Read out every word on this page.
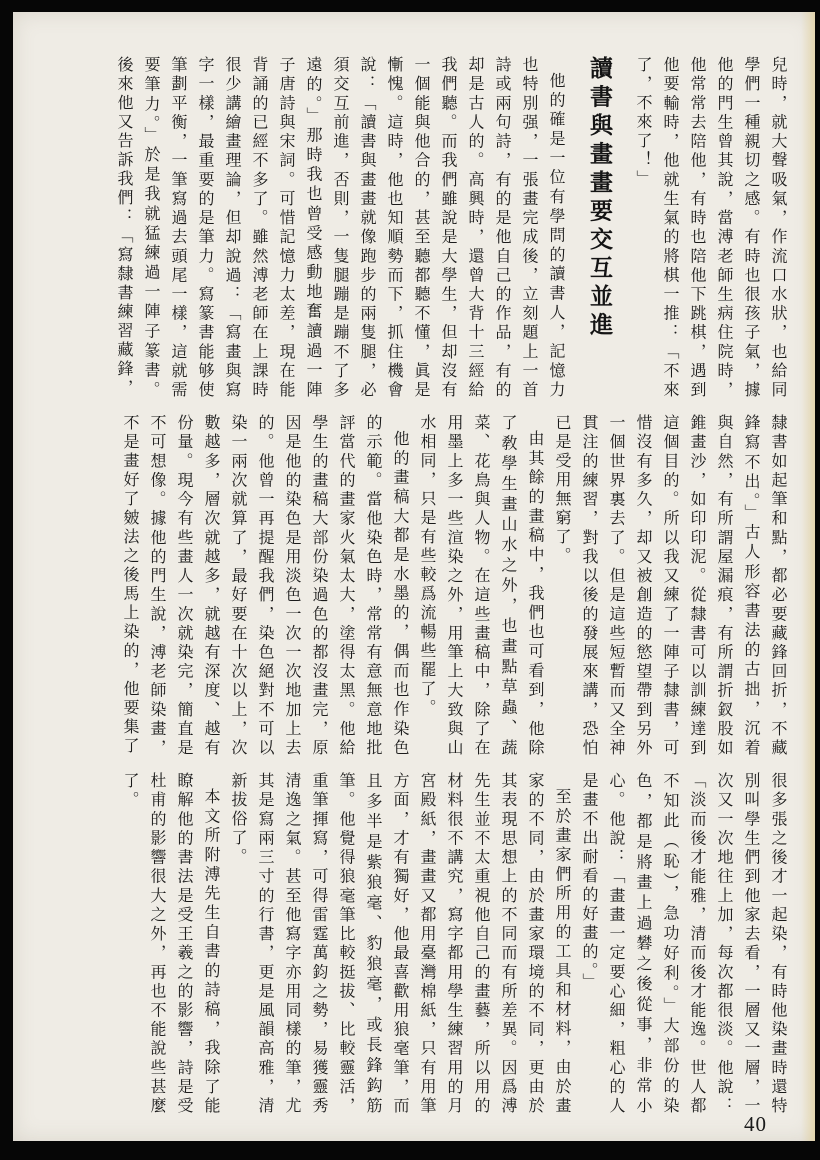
兒時，就大聲吸氣，作流口水狀，也給同學們一種親切之感。有時也很孩子氣，據他的門生曾其說，當溥老師生病住院時，他常常去陪他，有時也陪他下跳棋，遇到他要輸時，他就生氣的將棋一推：「不來了，不來了！」

讀書與畫畫要交互並進

他的確是一位有學問的讀書人，記憶力也特別强，一張畫完成後，立刻題上一首詩或兩句詩，有的是他自己的作品，有的却是古人的。高興時，還曾大背十三經給我們聽。而我們雖說是大學生，但却沒有一個能與他合的，甚至聽都聽不懂，眞是慚愧。這時，他也知順勢而下，抓住機會說：「讀書與畫畫就像跑步的兩隻腿，必須交互前進，否則，一隻腿蹦是蹦不了多遠的。」那時我也曾受感動地奮讀過一陣子唐詩與宋詞。可惜記憶力太差，現在能背誦的已經不多了。雖然溥老師在上課時很少講繪畫理論，但却說過：「寫畫與寫字一樣，最重要的是筆力。寫篆書能够使筆劃平衡，一筆寫過去頭尾一樣，這就需要筆力。」於是我就猛練過一陣子篆書。後來他又告訴我們：「寫隸書練習藏鋒，

隸書如起筆和點，都必要藏鋒回折，不藏鋒寫不出。」古人形容書法的古拙，沉着與自然，有所謂屋漏痕，有所謂折釵股如錐畫沙，如印印泥。從隸書可以訓練達到這個目的。所以我又練了一陣子隸書，可惜沒有多久，却又被創造的慾望帶到另外一個世界裏去了。但是這些短暫而又全神貫注的練習，對我以後的發展來講，恐怕已是受用無窮了。

由其餘的畫稿中，我們也可看到，他除了敎學生畫山水之外，也畫點草蟲、蔬菜、花鳥與人物。在這些畫稿中，除了在用墨上多一些渲染之外，用筆上大致與山水相同，只是有些較爲流暢些罷了。

他的畫稿大都是水墨的，偶而也作染色的示範。當他染色時，常常有意無意地批評當代的畫家火氣太大，塗得太黑。他給學生的畫稿大部份染過色的都沒畫完，原因是他的染色是用淡色一次一次地加上去的。他曾一再提醒我們，染色絕對不可以染一兩次就算了，最好要在十次以上，次數越多，層次就越多，就越有深度、越有份量。現今有些畫人一次就染完，簡直是不可想像。據他的門生說，溥老師染畫，不是畫好了皴法之後馬上染的，他要集了

很多張之後才一起染，有時他染畫時還特別叫學生們到他家去看，一層又一層，一次又一次地往上加，每次都很淡。他說：「淡而後才能雅，清而後才能逸。世人都不知此（恥），急功好利。」大部份的染色，都是將畫上過礬之後從事，非常小心。他說：「畫畫一定要心細，粗心的人是畫不出耐看的好畫的。」

至於畫家們所用的工具和材料，由於畫家的不同，由於畫家環境的不同，更由於其表現思想上的不同而有所差異。因爲溥先生並不太重視他自己的畫藝，所以用的材料很不講究，寫字都用學生練習用的月宮殿紙，畫畫又都用臺灣棉紙，只有用筆方面，才有獨好，他最喜歡用狼毫筆，而且多半是紫狼毫、豹狼毫，或長鋒鈎筋筆。他覺得狼毫筆比較挺拔、比較靈活，重筆揮寫，可得雷霆萬鈞之勢，易獲靈秀清逸之氣。甚至他寫字亦用同樣的筆，尤其是寫兩三寸的行書，更是風韻高雅，清新拔俗了。

本文所附溥先生自書的詩稿，我除了能瞭解他的書法是受王羲之的影響，詩是受杜甫的影響很大之外，再也不能說些甚麼了。

40
